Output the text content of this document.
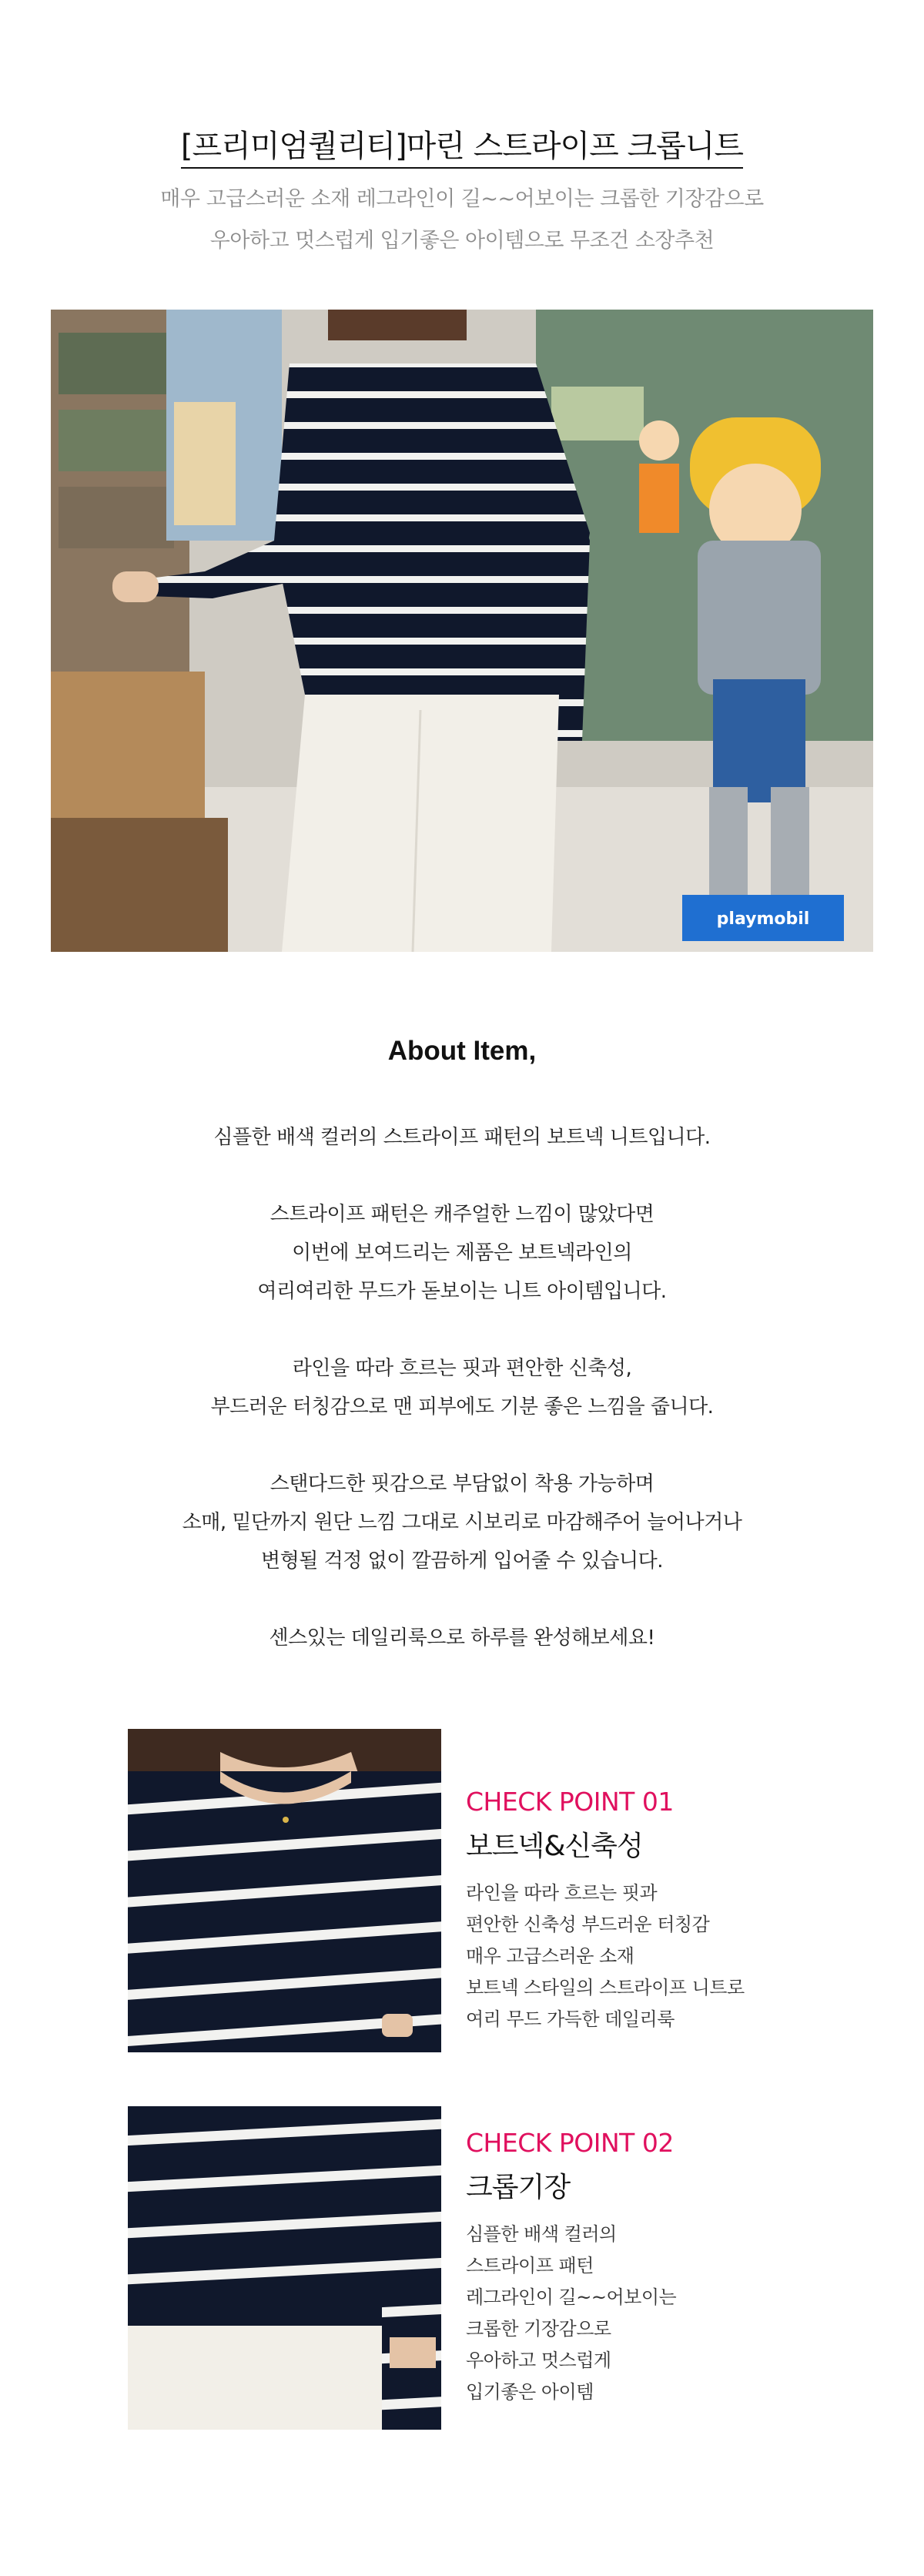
[프리미엄퀄리티]마린 스트라이프 크롭니트
매우 고급스러운 소재 레그라인이 길~~어보이는 크롭한 기장감으로
우아하고 멋스럽게 입기좋은 아이템으로 무조건 소장추천
playmobil
About Item,

심플한 배색 컬러의 스트라이프 패턴의 보트넥 니트입니다.

스트라이프 패턴은 캐주얼한 느낌이 많았다면
이번에 보여드리는 제품은 보트넥라인의
여리여리한 무드가 돋보이는 니트 아이템입니다.

라인을 따라 흐르는 핏과 편안한 신축성,
부드러운 터칭감으로 맨 피부에도 기분 좋은 느낌을 줍니다.

스탠다드한 핏감으로 부담없이 착용 가능하며
소매, 밑단까지 원단 느낌 그대로 시보리로 마감해주어 늘어나거나
변형될 걱정 없이 깔끔하게 입어줄 수 있습니다.

센스있는 데일리룩으로 하루를 완성해보세요!

CHECK POINT 01
보트넥&신축성
라인을 따라 흐르는 핏과
편안한 신축성 부드러운 터칭감
매우 고급스러운 소재
보트넥 스타일의 스트라이프 니트로
여리 무드 가득한 데일리룩
CHECK POINT 02
크롭기장
심플한 배색 컬러의
스트라이프 패턴
레그라인이 길~~어보이는
크롭한 기장감으로
우아하고 멋스럽게
입기좋은 아이템
